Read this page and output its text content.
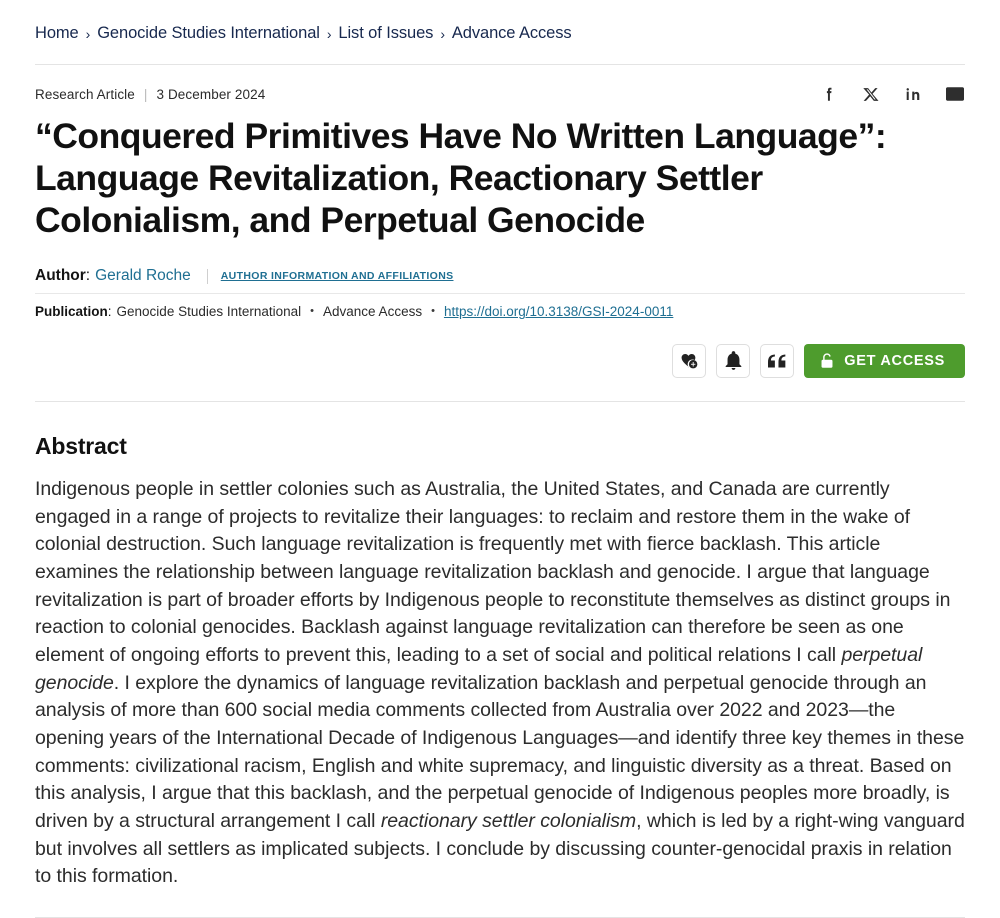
Home › Genocide Studies International › List of Issues › Advance Access
Research Article | 3 December 2024
“Conquered Primitives Have No Written Language”: Language Revitalization, Reactionary Settler Colonialism, and Perpetual Genocide
Author: Gerald Roche	AUTHOR INFORMATION AND AFFILIATIONS
Publication: Genocide Studies International • Advance Access • https://doi.org/10.3138/GSI-2024-0011
GET ACCESS
Abstract

Indigenous people in settler colonies such as Australia, the United States, and Canada are currently engaged in a range of projects to revitalize their languages: to reclaim and restore them in the wake of colonial destruction. Such language revitalization is frequently met with fierce backlash. This article examines the relationship between language revitalization backlash and genocide. I argue that language revitalization is part of broader efforts by Indigenous people to reconstitute themselves as distinct groups in reaction to colonial genocides. Backlash against language revitalization can therefore be seen as one element of ongoing efforts to prevent this, leading to a set of social and political relations I call perpetual genocide. I explore the dynamics of language revitalization backlash and perpetual genocide through an analysis of more than 600 social media comments collected from Australia over 2022 and 2023—the opening years of the International Decade of Indigenous Languages—and identify three key themes in these comments: civilizational racism, English and white supremacy, and linguistic diversity as a threat. Based on this analysis, I argue that this backlash, and the perpetual genocide of Indigenous peoples more broadly, is driven by a structural arrangement I call reactionary settler colonialism, which is led by a right-wing vanguard but involves all settlers as implicated subjects. I conclude by discussing counter-genocidal praxis in relation to this formation.
